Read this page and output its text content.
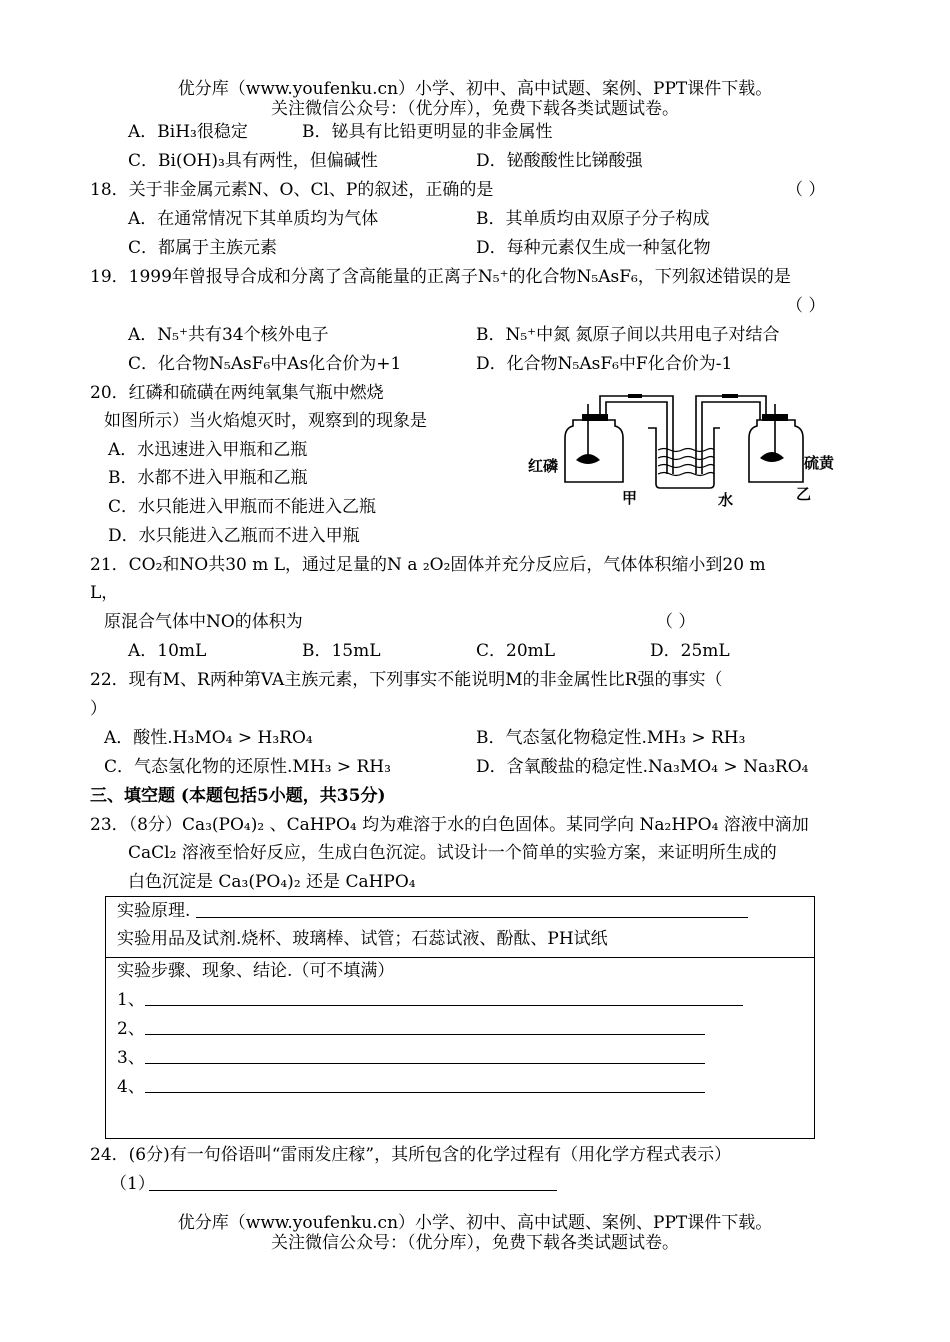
优分库（www.youfenku.cn）小学、初中、高中试题、案例、PPT课件下载。
关注微信公众号：（优分库），免费下载各类试题试卷。
A．BiH₃很稳定	B．铋具有比铅更明显的非金属性
C．Bi(OH)₃具有两性，但偏碱性	D．铋酸酸性比锑酸强
18．关于非金属元素N、O、Cl、P的叙述，正确的是	（ ）
A．在通常情况下其单质均为气体	B．其单质均由双原子分子构成
C．都属于主族元素	D．每种元素仅生成一种氢化物
19．1999年曾报导合成和分离了含高能量的正离子N₅⁺的化合物N₅AsF₆，下列叙述错误的是
（ ）
A．N₅⁺共有34个核外电子	B．N₅⁺中氮 氮原子间以共用电子对结合
C．化合物N₅AsF₆中As化合价为+1	D．化合物N₅AsF₆中F化合价为-1
20．红磷和硫磺在两纯氧集气瓶中燃烧
如图所示）当火焰熄灭时，观察到的现象是
A．水迅速进入甲瓶和乙瓶
B．水都不进入甲瓶和乙瓶
C．水只能进入甲瓶而不能进入乙瓶
D．水只能进入乙瓶而不进入甲瓶
红磷	硫黄
甲	水	乙
21．CO₂和NO共30 m L，通过足量的N a ₂O₂固体并充分反应后，气体体积缩小到20 m
L，
原混合气体中NO的体积为	（ ）
A．10mL	B．15mL	C．20mL	D．25mL
22．现有M、R两种第VA主族元素，下列事实不能说明M的非金属性比R强的事实（
）
A．酸性.H₃MO₄ > H₃RO₄	B．气态氢化物稳定性.MH₃ > RH₃
C．气态氢化物的还原性.MH₃ > RH₃	D．含氧酸盐的稳定性.Na₃MO₄ > Na₃RO₄
三、填空题 (本题包括5小题，共35分)
23．（8分）Ca₃(PO₄)₂ 、CaHPO₄ 均为难溶于水的白色固体。某同学向 Na₂HPO₄ 溶液中滴加
CaCl₂ 溶液至恰好反应，生成白色沉淀。试设计一个简单的实验方案，来证明所生成的
白色沉淀是 Ca₃(PO₄)₂ 还是 CaHPO₄
实验原理.
实验用品及试剂.烧杯、玻璃棒、试管；石蕊试液、酚酞、PH试纸
实验步骤、现象、结论.（可不填满）
1、
2、
3、
4、
24．(6分)有一句俗语叫“雷雨发庄稼”，其所包含的化学过程有（用化学方程式表示）
（1）
优分库（www.youfenku.cn）小学、初中、高中试题、案例、PPT课件下载。
关注微信公众号：（优分库），免费下载各类试题试卷。
